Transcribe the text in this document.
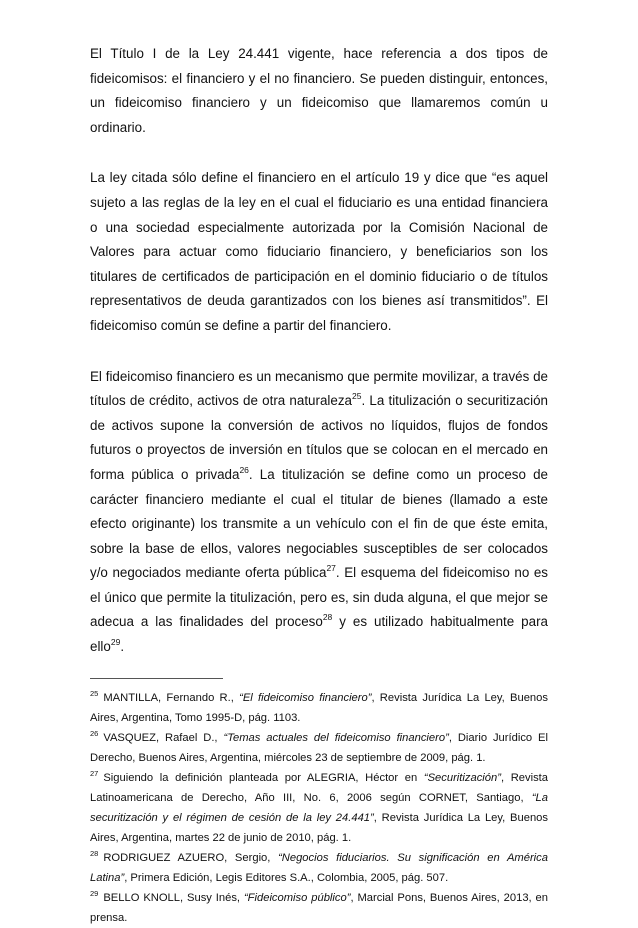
El Título I de la Ley 24.441 vigente, hace referencia a dos tipos de fideicomisos: el financiero y el no financiero. Se pueden distinguir, entonces, un fideicomiso financiero y un fideicomiso que llamaremos común u ordinario.

La ley citada sólo define el financiero en el artículo 19 y dice que “es aquel sujeto a las reglas de la ley en el cual el fiduciario es una entidad financiera o una sociedad especialmente autorizada por la Comisión Nacional de Valores para actuar como fiduciario financiero, y beneficiarios son los titulares de certificados de participación en el dominio fiduciario o de títulos representativos de deuda garantizados con los bienes así transmitidos”. El fideicomiso común se define a partir del financiero.

El fideicomiso financiero es un mecanismo que permite movilizar, a través de títulos de crédito, activos de otra naturaleza$^{25}$. La titulización o securitización de activos supone la conversión de activos no líquidos, flujos de fondos futuros o proyectos de inversión en títulos que se colocan en el mercado en forma pública o privada$^{26}$. La titulización se define como un proceso de carácter financiero mediante el cual el titular de bienes (llamado a este efecto originante) los transmite a un vehículo con el fin de que éste emita, sobre la base de ellos, valores negociables susceptibles de ser colocados y/o negociados mediante oferta pública$^{27}$. El esquema del fideicomiso no es el único que permite la titulización, pero es, sin duda alguna, el que mejor se adecua a las finalidades del proceso$^{28}$ y es utilizado habitualmente para ello$^{29}$.

$^{25}$ MANTILLA, Fernando R., “El fideicomiso financiero”, Revista Jurídica La Ley, Buenos Aires, Argentina, Tomo 1995-D, pág. 1103.

$^{26}$ VASQUEZ, Rafael D., “Temas actuales del fideicomiso financiero”, Diario Jurídico El Derecho, Buenos Aires, Argentina, miércoles 23 de septiembre de 2009, pág. 1.

$^{27}$ Siguiendo la definición planteada por ALEGRIA, Héctor en “Securitización”, Revista Latinoamericana de Derecho, Año III, No. 6, 2006 según CORNET, Santiago, “La securitización y el régimen de cesión de la ley 24.441”, Revista Jurídica La Ley, Buenos Aires, Argentina, martes 22 de junio de 2010, pág. 1.

$^{28}$ RODRIGUEZ AZUERO, Sergio, “Negocios fiduciarios. Su significación en América Latina”, Primera Edición, Legis Editores S.A., Colombia, 2005, pág. 507.

$^{29}$ BELLO KNOLL, Susy Inés, “Fideicomiso público”, Marcial Pons, Buenos Aires, 2013, en prensa.
